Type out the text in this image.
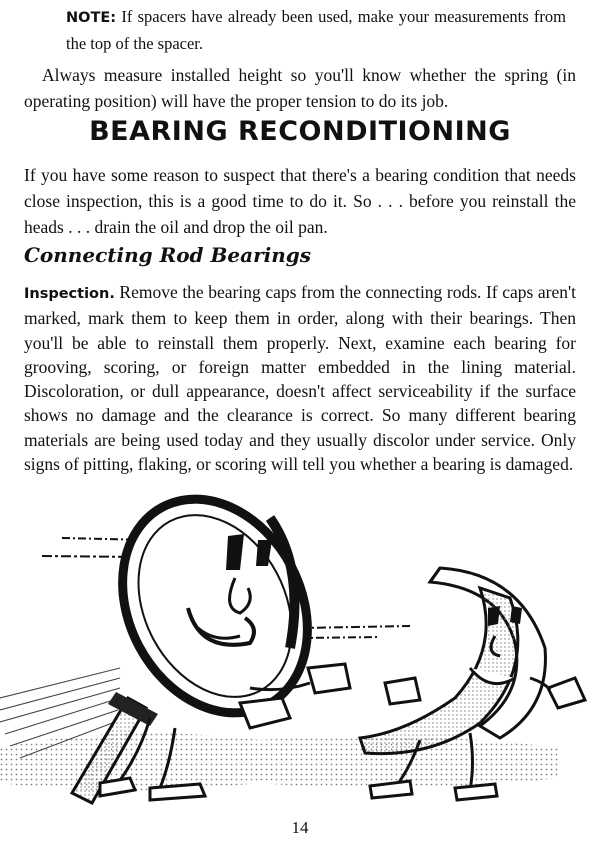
NOTE: If spacers have already been used, make your measurements from the top of the spacer.
Always measure installed height so you'll know whether the spring (in operating position) will have the proper tension to do its job.
BEARING RECONDITIONING
If you have some reason to suspect that there's a bearing condition that needs close inspection, this is a good time to do it. So . . . before you reinstall the heads . . . drain the oil and drop the oil pan.
Connecting Rod Bearings
Inspection. Remove the bearing caps from the connecting rods. If caps aren't marked, mark them to keep them in order, along with their bearings. Then you'll be able to reinstall them properly. Next, examine each bearing for grooving, scoring, or foreign matter embedded in the lining material. Discoloration, or dull appearance, doesn't affect serviceability if the surface shows no damage and the clearance is correct. So many different bearing materials are being used today and they usually discolor under service. Only signs of pitting, flaking, or scoring will tell you whether a bearing is damaged.
14
